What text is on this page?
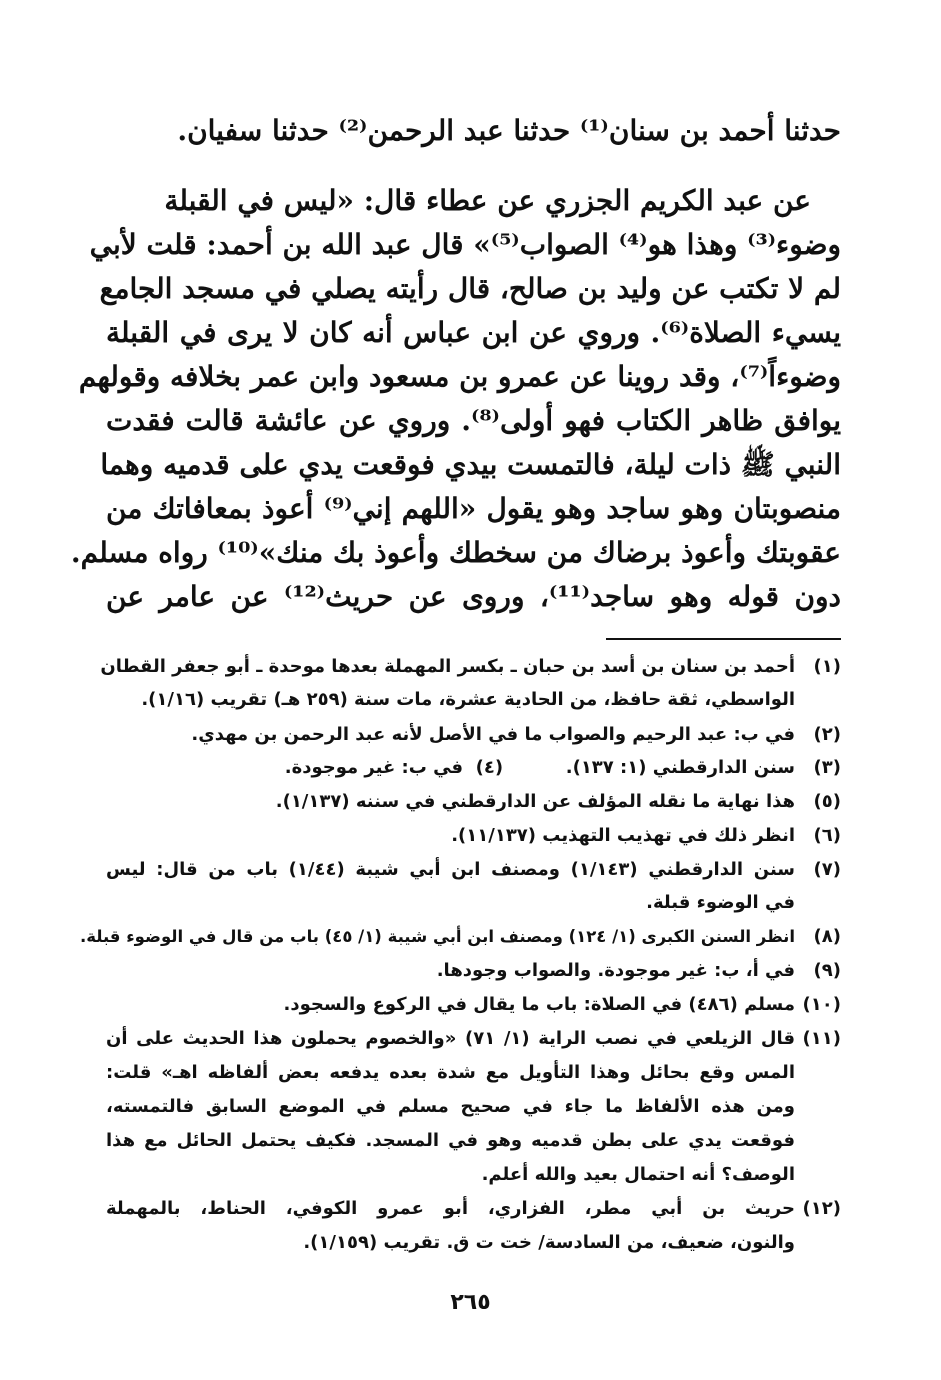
حدثنا أحمد بن سنان⁽¹⁾ حدثنا عبد الرحمن⁽²⁾ حدثنا سفيان.
عن عبد الكريم الجزري عن عطاء قال: «ليس في القبلة
وضوء⁽³⁾ وهذا هو⁽⁴⁾ الصواب⁽⁵⁾» قال عبد الله بن أحمد: قلت لأبي
لم لا تكتب عن وليد بن صالح، قال رأيته يصلي في مسجد الجامع
يسيء الصلاة⁽⁶⁾. وروي عن ابن عباس أنه كان لا يرى في القبلة
وضوءاً⁽⁷⁾، وقد روينا عن عمرو بن مسعود وابن عمر بخلافه وقولهم
يوافق ظاهر الكتاب فهو أولى⁽⁸⁾. وروي عن عائشة قالت فقدت
النبي ﷺ ذات ليلة، فالتمست بيدي فوقعت يدي على قدميه وهما
منصوبتان وهو ساجد وهو يقول «اللهم إني⁽⁹⁾ أعوذ بمعافاتك من
عقوبتك وأعوذ برضاك من سخطك وأعوذ بك منك»⁽¹⁰⁾ رواه مسلم.
دون قوله وهو ساجد⁽¹¹⁾، وروى عن حريث⁽¹²⁾ عن عامر عن
(١)أحمد بن سنان بن أسد بن حبان ـ بكسر المهملة بعدها موحدة ـ أبو جعفر القطان
الواسطي، ثقة حافظ، من الحادية عشرة، مات سنة (٢٥٩ هـ) تقريب (١/١٦).
(٢)في ب: عبد الرحيم والصواب ما في الأصل لأنه عبد الرحمن بن مهدي.
(٣)سنن الدارقطني (١: ١٣٧).          (٤)  في ب: غير موجودة.
(٥)هذا نهاية ما نقله المؤلف عن الدارقطني في سننه (١/١٣٧).
(٦)انظر ذلك في تهذيب التهذيب (١١/١٣٧).
(٧)سنن الدارقطني (١/١٤٣) ومصنف ابن أبي شيبة (١/٤٤) باب من قال: ليس
في الوضوء قبلة.
(٨)انظر السنن الكبرى (١/ ١٢٤) ومصنف ابن أبي شيبة (١/ ٤٥) باب من قال في الوضوء قبلة.
(٩)في أ، ب: غير موجودة. والصواب وجودها.
(١٠)مسلم (٤٨٦) في الصلاة: باب ما يقال في الركوع والسجود.
(١١)قال الزيلعي في نصب الراية (١/ ٧١) «والخصوم يحملون هذا الحديث على أن
المس وقع بحائل وهذا التأويل مع شدة بعده يدفعه بعض ألفاظه اهـ» قلت:
ومن هذه الألفاظ ما جاء في صحيح مسلم في الموضع السابق فالتمسته،
فوقعت يدي على بطن قدميه وهو في المسجد. فكيف يحتمل الحائل مع هذا
الوصف؟ أنه احتمال بعيد والله أعلم.
(١٢)حريث بن أبي مطر، الفزاري، أبو عمرو الكوفي، الحناط، بالمهملة
والنون، ضعيف، من السادسة/ خت ت ق. تقريب (١/١٥٩).
٢٦٥
